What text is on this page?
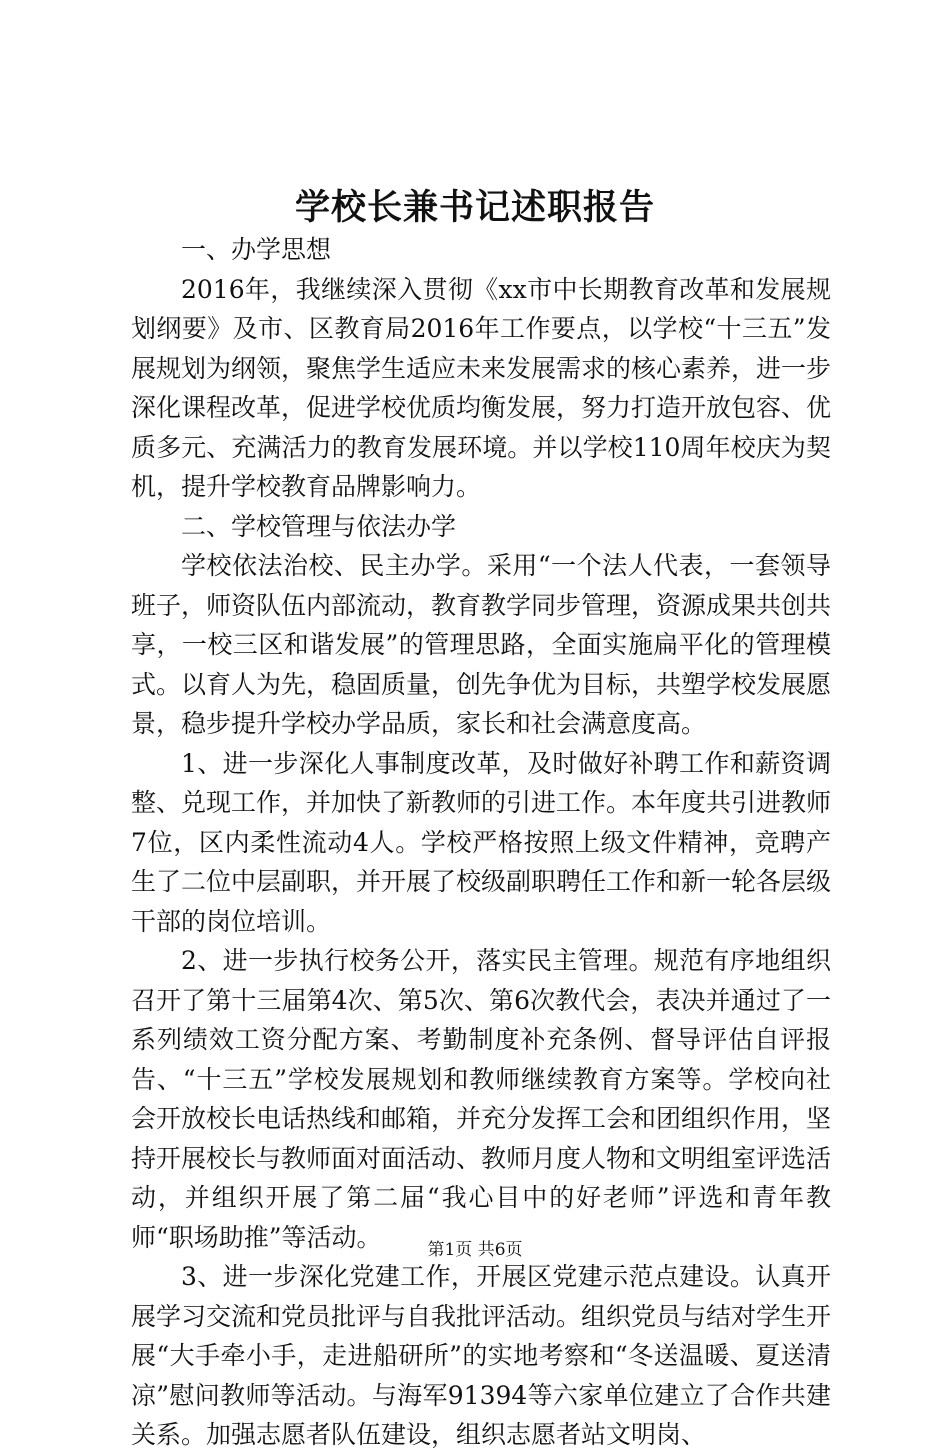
学校长兼书记述职报告

一、办学思想

2016年，我继续深入贯彻《xx市中长期教育改革和发展规划纲要》及市、区教育局2016年工作要点，以学校“十三五”发展规划为纲领，聚焦学生适应未来发展需求的核心素养，进一步深化课程改革，促进学校优质均衡发展，努力打造开放包容、优质多元、充满活力的教育发展环境。并以学校110周年校庆为契机，提升学校教育品牌影响力。

二、学校管理与依法办学

学校依法治校、民主办学。采用“一个法人代表，一套领导班子，师资队伍内部流动，教育教学同步管理，资源成果共创共享，一校三区和谐发展”的管理思路，全面实施扁平化的管理模式。以育人为先，稳固质量，创先争优为目标，共塑学校发展愿景，稳步提升学校办学品质，家长和社会满意度高。

1、进一步深化人事制度改革，及时做好补聘工作和薪资调整、兑现工作，并加快了新教师的引进工作。本年度共引进教师7位，区内柔性流动4人。学校严格按照上级文件精神，竞聘产生了二位中层副职，并开展了校级副职聘任工作和新一轮各层级干部的岗位培训。

2、进一步执行校务公开，落实民主管理。规范有序地组织召开了第十三届第4次、第5次、第6次教代会，表决并通过了一系列绩效工资分配方案、考勤制度补充条例、督导评估自评报告、“十三五”学校发展规划和教师继续教育方案等。学校向社会开放校长电话热线和邮箱，并充分发挥工会和团组织作用，坚持开展校长与教师面对面活动、教师月度人物和文明组室评选活动，并组织开展了第二届“我心目中的好老师”评选和青年教师“职场助推”等活动。

3、进一步深化党建工作，开展区党建示范点建设。认真开展学习交流和党员批评与自我批评活动。组织党员与结对学生开展“大手牵小手，走进船研所”的实地考察和“冬送温暖、夏送清凉”慰问教师等活动。与海军91394等六家单位建立了合作共建关系。加强志愿者队伍建设，组织志愿者站文明岗、

第1页 共6页
